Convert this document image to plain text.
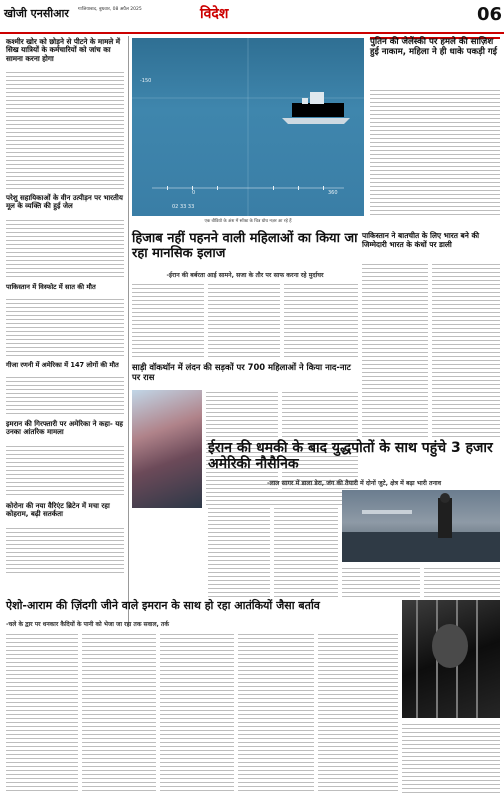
खोजी एनसीआर गाजियाबाद, बुधवार, 08 अप्रैल 2025	विदेश	06
कश्मीर खोर को छोड़ने से पीटने के मामले में सिख यात्रियों के कर्मचारियों को जांच का सामना करना होगा
परेशु सहायिकाओं के वीन उत्पीड़न पर भारतीय मूल के व्यक्ति की हुई जेल
पाकिस्तान में विस्फोट में सात की मौत
गीजा रणनी में अमेरिका में 147 लोगों की मौत
इमरान की गिरफ्तारी पर अमेरिका ने कहा- यह उनका आंतरिक मामला
कोरोना की नया वैरिएंट ब्रिटेन में मचा रहा कोहराम, बढ़ी सतर्कता
-150
0	360
02 33 33
एक वीडियो के अंश में सॉफ्ट के चित्र ग्रोथ नज़र आ रहे हैं
पुतिन की जेलेंस्की पर हमले की साज़िश हुई नाकाम, महिला ने ही धाके पकड़ी गई
हिजाब नहीं पहनने वाली महिलाओं का किया जा रहा मानसिक इलाज
-ईरान की बर्बरता आई सामने, सजा के तौर पर साफ करना रहे मुर्दाघर
साड़ी वॉकथॉन में लंदन की सड़कों पर 700 महिलाओं ने किया नाद-नाट पर रास
पाकिस्तान ने बातचीत के लिए भारत बने की जिम्मेदारी भारत के कंधों पर डाली
ईरान की धमकी के बाद युद्धपोतों के साथ पहुंचे 3 हजार अमेरिकी नौसैनिक
-लाल सागर में डाला डेरा, जंग की तैयारी में दोनों जुटे, क्षेत्र में बढ़ा भारी तनाव
ऐशो-आराम की ज़िंदगी जीने वाले इमरान के साथ हो रहा आतंकियों जैसा बर्ताव
-चले के द्वार पर धनकार कैदियों के पानी को भेजा जा रहा तक सवाल, तर्क
